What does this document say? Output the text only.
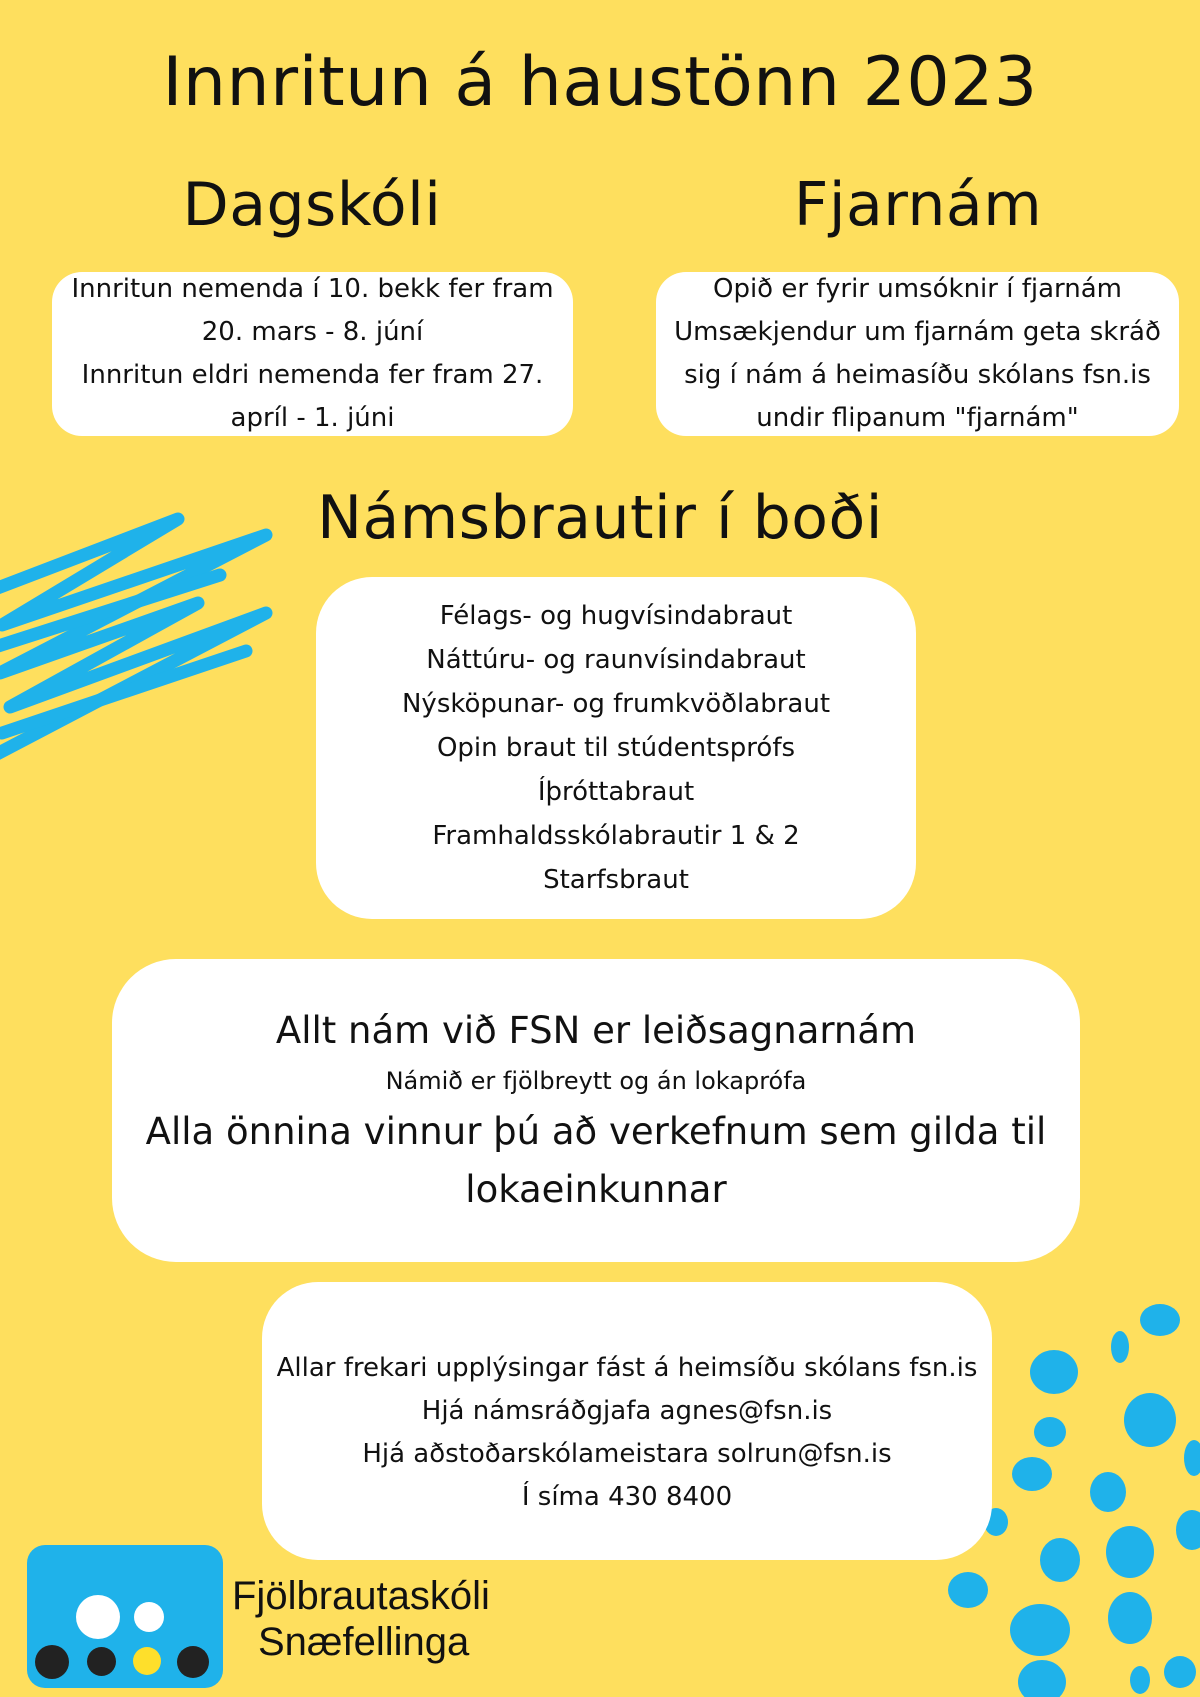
Innritun á haustönn 2023
Dagskóli	Fjarnám
Innritun nemenda í 10. bekk fer fram
20. mars - 8. júní
Innritun eldri nemenda fer fram 27.
apríl - 1. júni
Opið er fyrir umsóknir í fjarnám
Umsækjendur um fjarnám geta skráð
sig í nám á heimasíðu skólans fsn.is
undir flipanum "fjarnám"
Námsbrautir í boði
Félags- og hugvísindabraut
Náttúru- og raunvísindabraut
Nýsköpunar- og frumkvöðlabraut
Opin braut til stúdentsprófs
Íþróttabraut
Framhaldsskólabrautir 1 & 2
Starfsbraut
Allt nám við FSN er leiðsagnarnám
Námið er fjölbreytt og án lokaprófa
Alla önnina vinnur þú að verkefnum sem gilda til
lokaeinkunnar
Allar frekari upplýsingar fást á heimsíðu skólans fsn.is
Hjá námsráðgjafa agnes@fsn.is
Hjá aðstoðarskólameistara solrun@fsn.is
Í síma 430 8400
Fjölbrautaskóli
Snæfellinga
